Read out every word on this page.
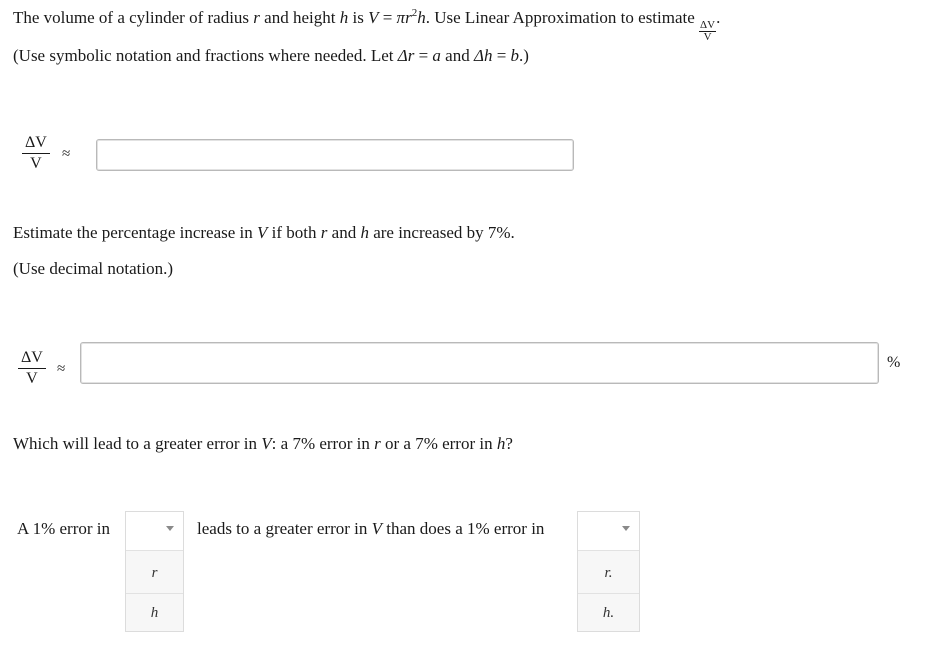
The volume of a cylinder of radius r and height h is $V = \pi r^2h$. Use Linear Approximation to estimate
$\frac{\Delta V}{V}$
.
(Use symbolic notation and fractions where needed. Let Δr = a and Δh = b.)
$\frac{\Delta V}{V}$ ≈
Estimate the percentage increase in V if both r and h are increased by 7%.
(Use decimal notation.)
$\frac{\Delta V}{V}$ ≈	%
Which will lead to a greater error in V: a 7% error in r or a 7% error in h?
A 1% error in
r
h
leads to a greater error in V than does a 1% error in
r.
h.
